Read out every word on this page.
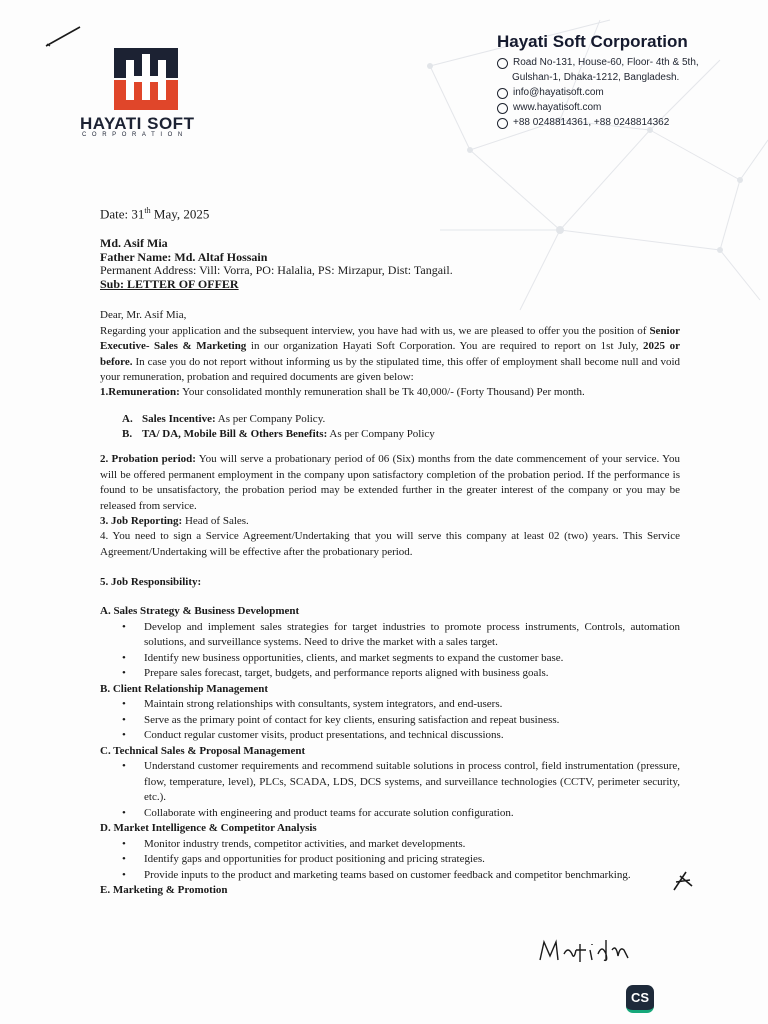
HAYATI SOFT
CORPORATION
Hayati Soft Corporation
Road No-131, House-60, Floor- 4th & 5th,
Gulshan-1, Dhaka-1212, Bangladesh.
info@hayatisoft.com
www.hayatisoft.com
+88 0248814361, +88 0248814362
Date: 31th May, 2025
Md. Asif Mia
Father Name: Md. Altaf Hossain
Permanent Address: Vill: Vorra, PO: Halalia, PS: Mirzapur, Dist: Tangail.
Sub: LETTER OF OFFER
Dear, Mr. Asif Mia,
Regarding your application and the subsequent interview, you have had with us, we are pleased to offer you the position of Senior Executive- Sales & Marketing in our organization Hayati Soft Corporation. You are required to report on 1st July, 2025 or before. In case you do not report without informing us by the stipulated time, this offer of employment shall become null and void your remuneration, probation and required documents are given below:
1.Remuneration: Your consolidated monthly remuneration shall be Tk 40,000/- (Forty Thousand) Per month.
A. Sales Incentive: As per Company Policy.
B. TA/ DA, Mobile Bill & Others Benefits: As per Company Policy
2. Probation period: You will serve a probationary period of 06 (Six) months from the date commencement of your service. You will be offered permanent employment in the company upon satisfactory completion of the probation period. If the performance is found to be unsatisfactory, the probation period may be extended further in the greater interest of the company or you may be released from service.
3. Job Reporting: Head of Sales.
4. You need to sign a Service Agreement/Undertaking that you will serve this company at least 02 (two) years. This Service Agreement/Undertaking will be effective after the probationary period.
5. Job Responsibility:
A. Sales Strategy & Business Development
• Develop and implement sales strategies for target industries to promote process instruments, Controls, automation solutions, and surveillance systems. Need to drive the market with a sales target.
• Identify new business opportunities, clients, and market segments to expand the customer base.
• Prepare sales forecast, target, budgets, and performance reports aligned with business goals.
B. Client Relationship Management
• Maintain strong relationships with consultants, system integrators, and end-users.
• Serve as the primary point of contact for key clients, ensuring satisfaction and repeat business.
• Conduct regular customer visits, product presentations, and technical discussions.
C. Technical Sales & Proposal Management
• Understand customer requirements and recommend suitable solutions in process control, field instrumentation (pressure, flow, temperature, level), PLCs, SCADA, LDS, DCS systems, and surveillance technologies (CCTV, perimeter security, etc.).
• Collaborate with engineering and product teams for accurate solution configuration.
D. Market Intelligence & Competitor Analysis
• Monitor industry trends, competitor activities, and market developments.
• Identify gaps and opportunities for product positioning and pricing strategies.
• Provide inputs to the product and marketing teams based on customer feedback and competitor benchmarking.
E. Marketing & Promotion
CS
